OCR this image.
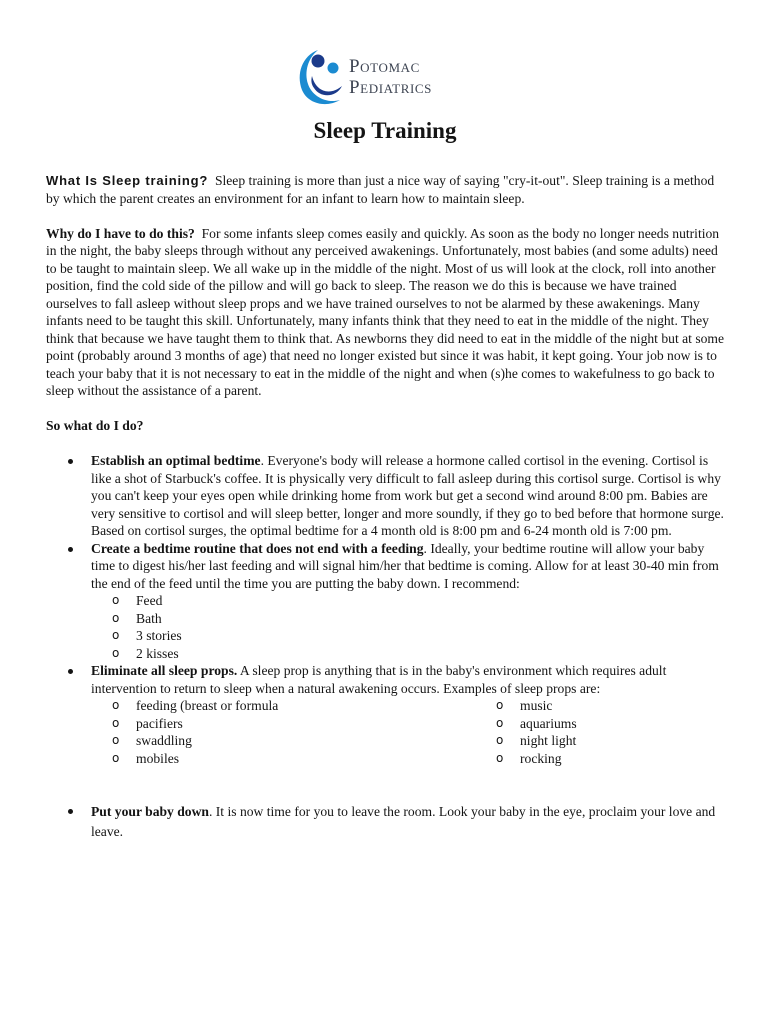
Potomac
Pediatrics
Sleep Training

What Is Sleep training? Sleep training is more than just a nice way of saying "cry-it-out". Sleep training is a method by which the parent creates an environment for an infant to learn how to maintain sleep.

Why do I have to do this? For some infants sleep comes easily and quickly. As soon as the body no longer needs nutrition in the night, the baby sleeps through without any perceived awakenings. Unfortunately, most babies (and some adults) need to be taught to maintain sleep. We all wake up in the middle of the night. Most of us will look at the clock, roll into another position, find the cold side of the pillow and will go back to sleep. The reason we do this is because we have trained ourselves to fall asleep without sleep props and we have trained ourselves to not be alarmed by these awakenings. Many infants need to be taught this skill. Unfortunately, many infants think that they need to eat in the middle of the night. They think that because we have taught them to think that. As newborns they did need to eat in the middle of the night but at some point (probably around 3 months of age) that need no longer existed but since it was habit, it kept going. Your job now is to teach your baby that it is not necessary to eat in the middle of the night and when (s)he comes to wakefulness to go back to sleep without the assistance of a parent.

So what do I do?

Establish an optimal bedtime. Everyone's body will release a hormone called cortisol in the evening. Cortisol is like a shot of Starbuck's coffee. It is physically very difficult to fall asleep during this cortisol surge. Cortisol is why you can't keep your eyes open while drinking home from work but get a second wind around 8:00 pm. Babies are very sensitive to cortisol and will sleep better, longer and more soundly, if they go to bed before that hormone surge. Based on cortisol surges, the optimal bedtime for a 4 month old is 8:00 pm and 6-24 month old is 7:00 pm.
Create a bedtime routine that does not end with a feeding. Ideally, your bedtime routine will allow your baby time to digest his/her last feeding and will signal him/her that bedtime is coming. Allow for at least 30-40 min from the end of the feed until the time you are putting the baby down. I recommend:
o Feed
o Bath
o 3 stories
o 2 kisses
Eliminate all sleep props. A sleep prop is anything that is in the baby's environment which requires adult intervention to return to sleep when a natural awakening occurs. Examples of sleep props are:
o feeding (breast or formula
o pacifiers
o swaddling
o mobiles
o music
o aquariums
o night light
o rocking
Put your baby down. It is now time for you to leave the room. Look your baby in the eye, proclaim your love and leave.
